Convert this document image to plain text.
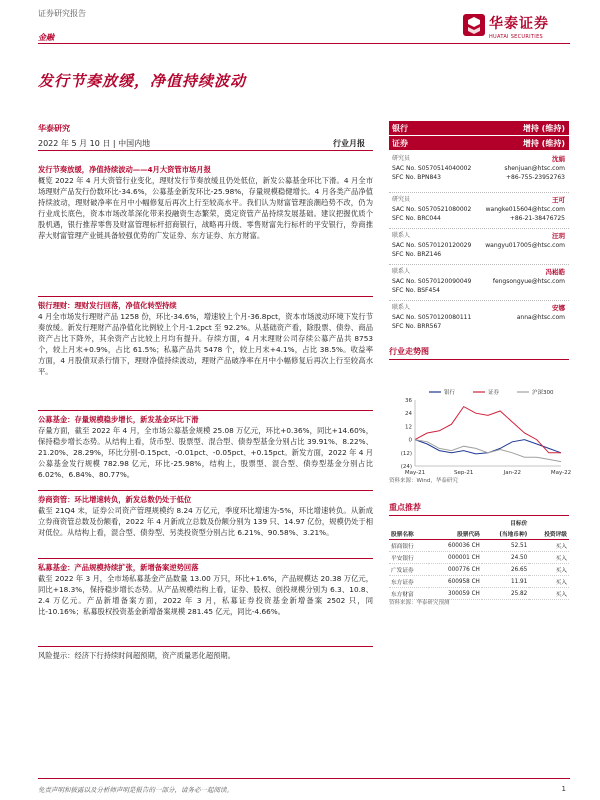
证券研究报告
金融
华泰证券
HUATAI SECURITIES
发行节奏放缓，净值持续波动
华泰研究
2022 年 5 月 10 日 | 中国内地	行业月报
发行节奏放缓，净值持续波动——4月大资管市场月报
概览 2022 年 4 月大资管行业变化，理财发行节奏放缓且仍处低位，新发公募基金环比下滑。4 月全市场理财产品发行份数环比-34.6%，公募基金新发环比-25.98%，存量规模稳健增长。4 月各类产品净值持续波动，理财破净率在月中小幅修复后再次上行至较高水平。我们认为财富管理浪潮趋势不改，仍为行业成长底色，资本市场改革深化带来投融资生态繁荣，奠定资管产品持续发展基础。建议把握优质个股机遇，银行推荐零售及财富管理标杆招商银行，战略再升级、零售财富先行标杆的平安银行，券商推荐大财富管理产业链具备较强优势的广发证券、东方证券、东方财富。
银行理财：理财发行回落，净值化转型持续
4 月全市场发行理财产品 1258 份，环比-34.6%，增速较上个月-36.8pct，资本市场波动环境下发行节奏放缓。新发行理财产品净值化比例较上个月-1.2pct 至 92.2%。从基础资产看，除股票、债券、商品资产占比下降外，其余资产占比较上月均有提升。存续方面，4 月末理财公司存续公募产品共 8753 个，较上月末+0.9%，占比 61.5%；私募产品共 5478 个，较上月末+4.1%，占比 38.5%。收益率方面，4 月股债双杀行情下，理财净值持续波动，理财产品破净率在月中小幅修复后再次上行至较高水平。
公募基金：存量规模稳步增长，新发基金环比下滑
存量方面，截至 2022 年 4 月，全市场公募基金规模 25.08 万亿元，环比+0.36%，同比+14.60%，保持稳步增长态势。从结构上看，货币型、股票型、混合型、债券型基金分别占比 39.91%、8.22%、21.20%、28.29%，环比分别-0.15pct、-0.01pct、-0.05pct、+0.15pct。新发方面，2022 年 4 月公募基金发行规模 782.98 亿元，环比-25.98%，结构上，股票型、混合型、债券型基金分别占比 6.02%、6.84%、80.77%。
券商资管：环比增速转负，新发总数仍处于低位
截至 21Q4 末，证券公司资产管理规模约 8.24 万亿元，季度环比增速为-5%，环比增速转负。从新成立券商资管总数及份额看，2022 年 4 月新成立总数及份额分别为 139 只、14.97 亿份，规模仍处于相对低位。从结构上看，混合型、债券型、另类投资型分别占比 6.21%、90.58%、3.21%。
私募基金：产品规模持续扩张，新增备案逆势回落
截至 2022 年 3 月，全市场私募基金产品数量 13.00 万只，环比+1.6%，产品规模达 20.38 万亿元，同比+18.3%，保持稳步增长态势。从产品规模结构上看，证券、股权、创投规模分别为 6.3、10.8、2.4 万亿元。产品新增备案方面，2022 年 3 月，私募证券投资基金新增备案 2502 只，同比-10.16%；私募股权投资基金新增备案规模 281.45 亿元，同比-4.66%。
风险提示：经济下行持续时间超预期，资产质量恶化超预期。
银行	增持 (维持)
证券	增持 (维持)
研究员	沈娟
SAC No. S0570514040002	shenjuan@htsc.com
SFC No. BPN843	+86-755-23952763
研究员	王可
SAC No. S0570521080002 wangke015604@htsc.com
SFC No. BRC044	+86-21-38476725
联系人	汪玥
SAC No. S0570120120029 wangyu017005@htsc.com
SFC No. BRZ146
联系人	冯崧皓
SAC No. S0570120090049	fengsongyue@htsc.com
SFC No. BSF454
联系人	安娜
SAC No. S0570120080111	anna@htsc.com
SFC No. BRR567
行业走势图
银行	证券	沪深300
36
24
12
0
(12)
(24)
May-21	Sep-21	Jan-22	May-22
资料来源：Wind，华泰研究
重点推荐
		目标价	
股票名称	股票代码	(当地币种)	投资评级
招商银行	600036 CH	52.51	买入
平安银行	000001 CH	24.50	买入
广发证券	000776 CH	26.65	买入
东方证券	600958 CH	11.91	买入
东方财富	300059 CH	25.82	买入
资料来源：华泰研究预测
免责声明和披露以及分析师声明是报告的一部分，请务必一起阅读。	1
